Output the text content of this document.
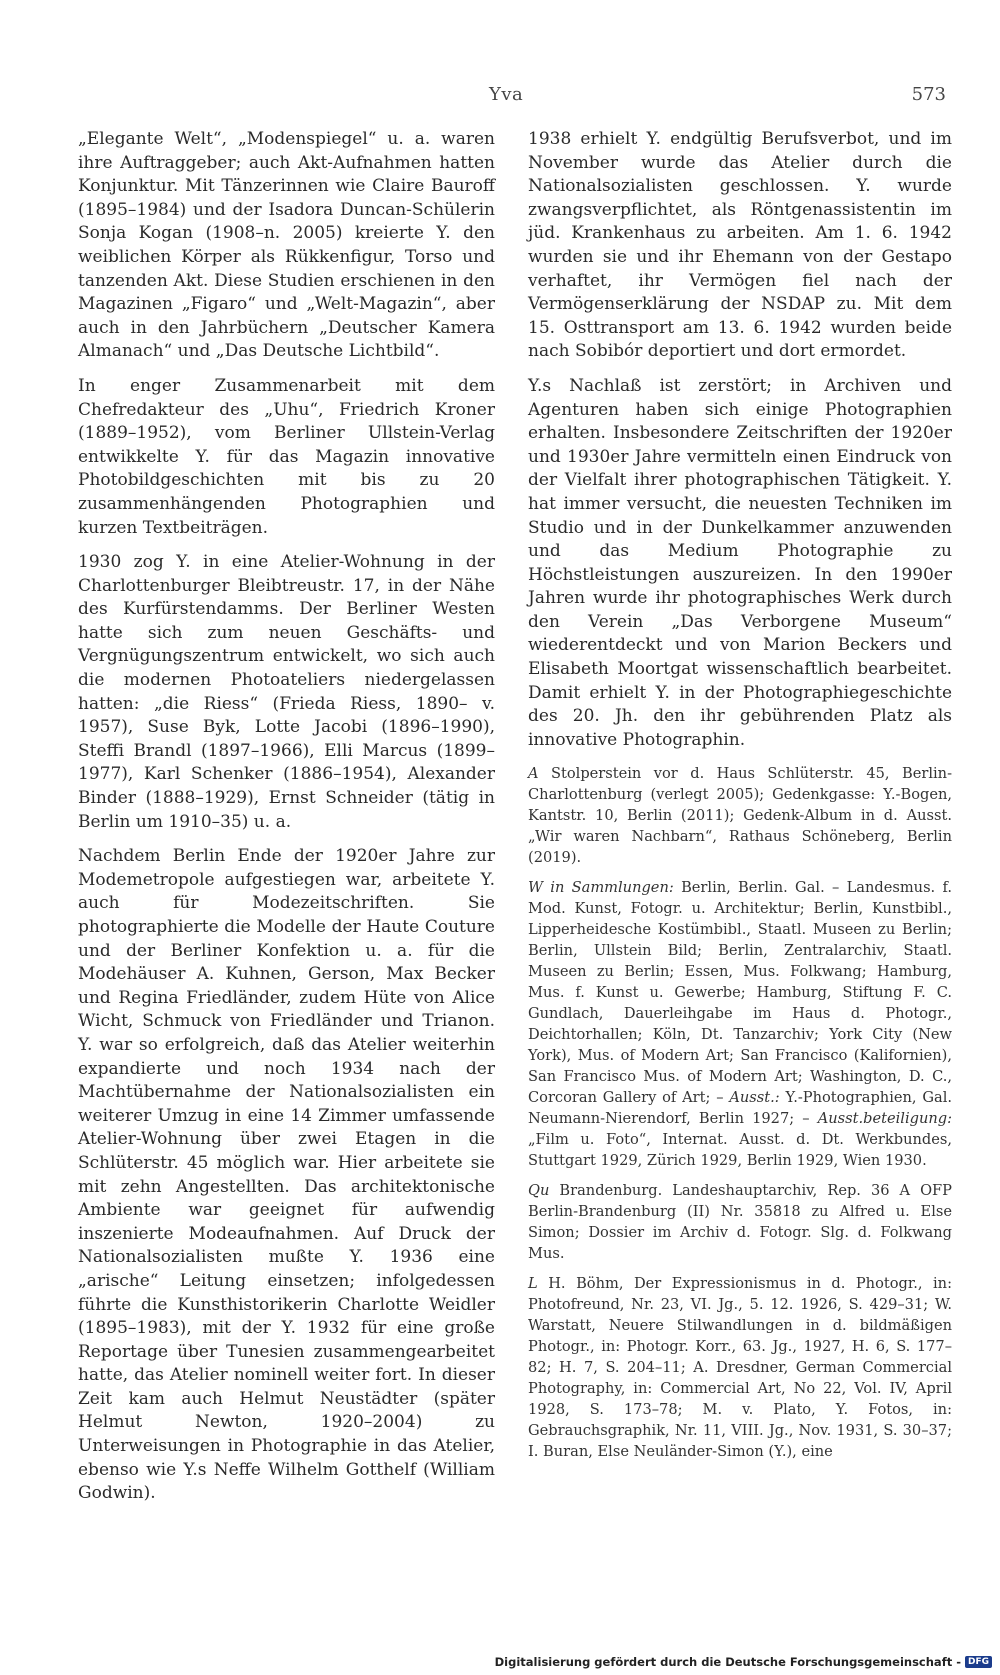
Yva	573

„Elegante Welt“, „Modenspiegel“ u. a. waren ihre Auftraggeber; auch Akt-Aufnahmen hatten Konjunktur. Mit Tänzerinnen wie Claire Bauroff (1895–1984) und der Isadora Duncan-Schülerin Sonja Kogan (1908–n. 2005) kreierte Y. den weiblichen Körper als Rükkenfigur, Torso und tanzenden Akt. Diese Studien erschienen in den Magazinen „Figaro“ und „Welt-Magazin“, aber auch in den Jahrbüchern „Deutscher Kamera Almanach“ und „Das Deutsche Lichtbild“.

In enger Zusammenarbeit mit dem Chefredakteur des „Uhu“, Friedrich Kroner (1889–1952), vom Berliner Ullstein-Verlag entwikkelte Y. für das Magazin innovative Photobildgeschichten mit bis zu 20 zusammenhängenden Photographien und kurzen Textbeiträgen.

1930 zog Y. in eine Atelier-Wohnung in der Charlottenburger Bleibtreustr. 17, in der Nähe des Kurfürstendamms. Der Berliner Westen hatte sich zum neuen Geschäfts- und Vergnügungszentrum entwickelt, wo sich auch die modernen Photoateliers niedergelassen hatten: „die Riess“ (Frieda Riess, 1890– v. 1957), Suse Byk, Lotte Jacobi (1896–1990), Steffi Brandl (1897–1966), Elli Marcus (1899–1977), Karl Schenker (1886–1954), Alexander Binder (1888–1929), Ernst Schneider (tätig in Berlin um 1910–35) u. a.

Nachdem Berlin Ende der 1920er Jahre zur Modemetropole aufgestiegen war, arbeitete Y. auch für Modezeitschriften. Sie photographierte die Modelle der Haute Couture und der Berliner Konfektion u. a. für die Modehäuser A. Kuhnen, Gerson, Max Becker und Regina Friedländer, zudem Hüte von Alice Wicht, Schmuck von Friedländer und Trianon. Y. war so erfolgreich, daß das Atelier weiterhin expandierte und noch 1934 nach der Machtübernahme der Nationalsozialisten ein weiterer Umzug in eine 14 Zimmer umfassende Atelier-Wohnung über zwei Etagen in die Schlüterstr. 45 möglich war. Hier arbeitete sie mit zehn Angestellten. Das architektonische Ambiente war geeignet für aufwendig inszenierte Modeaufnahmen. Auf Druck der Nationalsozialisten mußte Y. 1936 eine „arische“ Leitung einsetzen; infolgedessen führte die Kunsthistorikerin Charlotte Weidler (1895–1983), mit der Y. 1932 für eine große Reportage über Tunesien zusammengearbeitet hatte, das Atelier nominell weiter fort. In dieser Zeit kam auch Helmut Neustädter (später Helmut Newton, 1920–2004) zu Unterweisungen in Photographie in das Atelier, ebenso wie Y.s Neffe Wilhelm Gotthelf (William Godwin).

1938 erhielt Y. endgültig Berufsverbot, und im November wurde das Atelier durch die Nationalsozialisten geschlossen. Y. wurde zwangsverpflichtet, als Röntgenassistentin im jüd. Krankenhaus zu arbeiten. Am 1. 6. 1942 wurden sie und ihr Ehemann von der Gestapo verhaftet, ihr Vermögen fiel nach der Vermögenserklärung der NSDAP zu. Mit dem 15. Osttransport am 13. 6. 1942 wurden beide nach Sobibór deportiert und dort ermordet.

Y.s Nachlaß ist zerstört; in Archiven und Agenturen haben sich einige Photographien erhalten. Insbesondere Zeitschriften der 1920er und 1930er Jahre vermitteln einen Eindruck von der Vielfalt ihrer photographischen Tätigkeit. Y. hat immer versucht, die neuesten Techniken im Studio und in der Dunkelkammer anzuwenden und das Medium Photographie zu Höchstleistungen auszureizen. In den 1990er Jahren wurde ihr photographisches Werk durch den Verein „Das Verborgene Museum“ wiederentdeckt und von Marion Beckers und Elisabeth Moortgat wissenschaftlich bearbeitet. Damit erhielt Y. in der Photographiegeschichte des 20. Jh. den ihr gebührenden Platz als innovative Photographin.

A Stolperstein vor d. Haus Schlüterstr. 45, Berlin-Charlottenburg (verlegt 2005); Gedenkgasse: Y.-Bogen, Kantstr. 10, Berlin (2011); Gedenk-Album in d. Ausst. „Wir waren Nachbarn“, Rathaus Schöneberg, Berlin (2019).

W in Sammlungen: Berlin, Berlin. Gal. – Landesmus. f. Mod. Kunst, Fotogr. u. Architektur; Berlin, Kunstbibl., Lipperheidesche Kostümbibl., Staatl. Museen zu Berlin; Berlin, Ullstein Bild; Berlin, Zentralarchiv, Staatl. Museen zu Berlin; Essen, Mus. Folkwang; Hamburg, Mus. f. Kunst u. Gewerbe; Hamburg, Stiftung F. C. Gundlach, Dauerleihgabe im Haus d. Photogr., Deichtorhallen; Köln, Dt. Tanzarchiv; York City (New York), Mus. of Modern Art; San Francisco (Kalifornien), San Francisco Mus. of Modern Art; Washington, D. C., Corcoran Gallery of Art; – Ausst.: Y.-Photographien, Gal. Neumann-Nierendorf, Berlin 1927; – Ausst.beteiligung: „Film u. Foto“, Internat. Ausst. d. Dt. Werkbundes, Stuttgart 1929, Zürich 1929, Berlin 1929, Wien 1930.

Qu Brandenburg. Landeshauptarchiv, Rep. 36 A OFP Berlin-Brandenburg (II) Nr. 35818 zu Alfred u. Else Simon; Dossier im Archiv d. Fotogr. Slg. d. Folkwang Mus.

L H. Böhm, Der Expressionismus in d. Photogr., in: Photofreund, Nr. 23, VI. Jg., 5. 12. 1926, S. 429–31; W. Warstatt, Neuere Stilwandlungen in d. bildmäßigen Photogr., in: Photogr. Korr., 63. Jg., 1927, H. 6, S. 177–82; H. 7, S. 204–11; A. Dresdner, German Commercial Photography, in: Commercial Art, No 22, Vol. IV, April 1928, S. 173–78; M. v. Plato, Y. Fotos, in: Gebrauchsgraphik, Nr. 11, VIII. Jg., Nov. 1931, S. 30–37; I. Buran, Else Neuländer-Simon (Y.), eine

Digitalisierung gefördert durch die Deutsche Forschungsgemeinschaft - DFG
